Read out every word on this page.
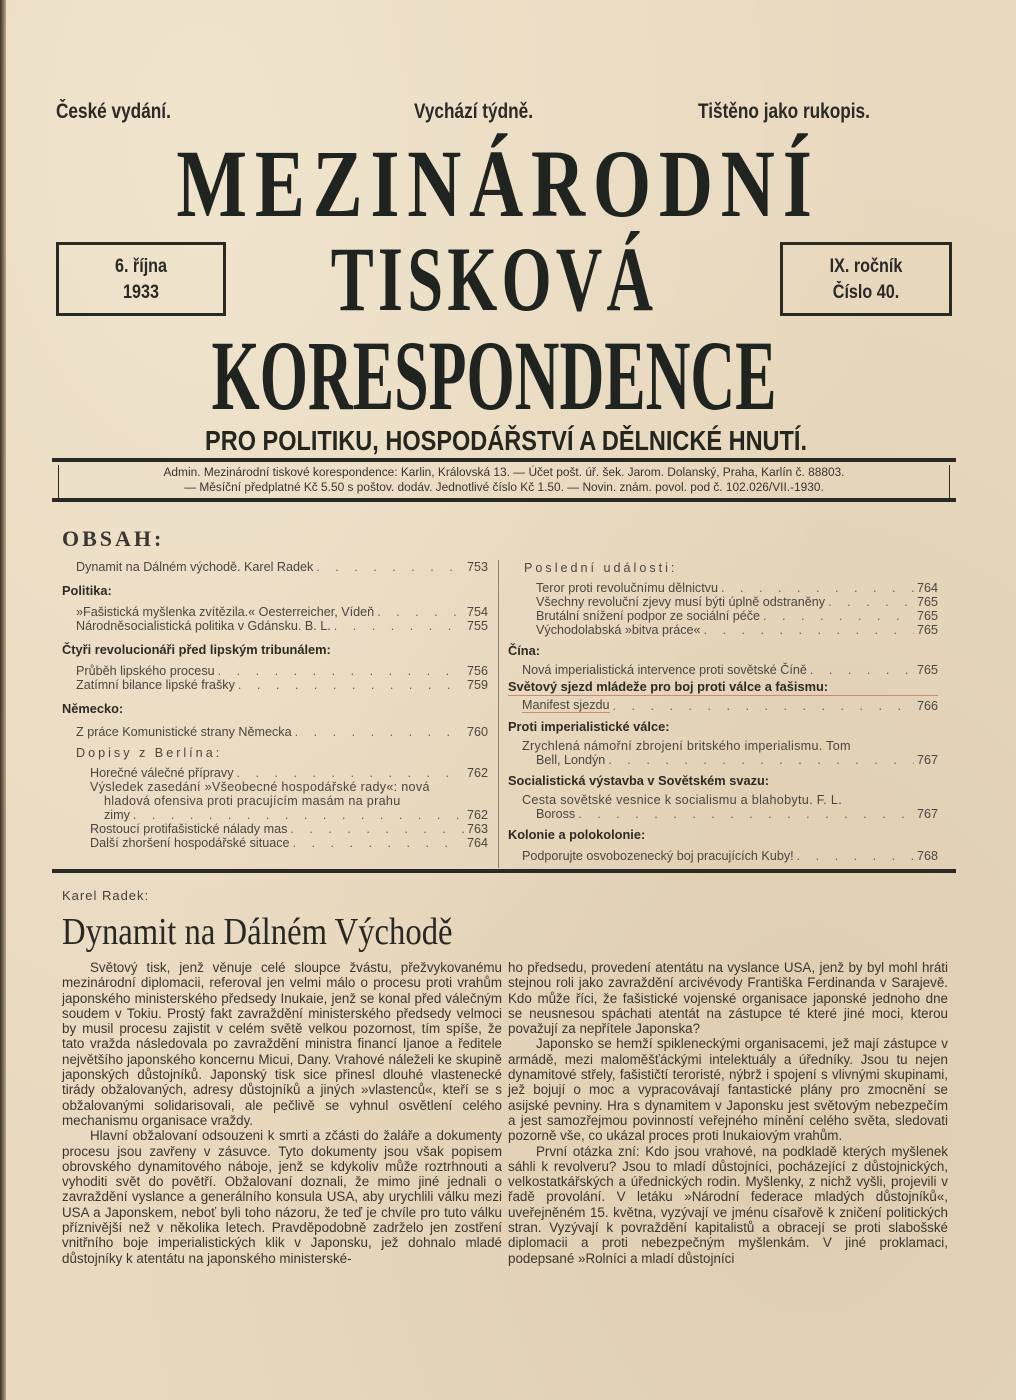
České vydání.	Vychází týdně.	Tištěno jako rukopis.
MEZINÁRODNÍ
TISKOVÁ
KORESPONDENCE
6. října
1933
IX. ročník
Číslo 40.
PRO POLITIKU, HOSPODÁŘSTVÍ A DĚLNICKÉ HNUTÍ.

Admin. Mezinárodní tiskové korespondence: Karlin, Královská 13. — Účet pošt. úř. šek. Jarom. Dolanský, Praha, Karlín č. 88803.

— Měsíční předplatné Kč 5.50 s poštov. dodáv. Jednotlivé číslo Kč 1.50. — Novin. znám. povol. pod č. 102.026/VII.-1930.

OBSAH:
Dynamit na Dálném východě. Karel Radek . . .	753
Politika:
»Fašistická myšlenka zvítězila.« Oesterreicher, Vídeň . . .	754
Národněsocialistická politika v Gdánsku. B. L. . . .	755
Čtyři revolucionáři před lipským tribunálem:
Průběh lipského procesu . . .	756
Zatímní bilance lipské frašky . . .	759
Německo:
Z práce Komunistické strany Německa . . .	760
Dopisy z Berlína:
Horečné válečné přípravy . . .	762
Výsledek zasedání »Všeobecné hospodářské rady«: nová
hladová ofensiva proti pracujícím masám na prahu
zimy . . .	762
Rostoucí protifašistické nálady mas . . .	763
Další zhoršení hospodářské situace . . .	764
Poslední události:
Teror proti revolučnímu dělnictvu . . .	764
Všechny revoluční zjevy musí býti úplně odstraněny . . .	765
Brutální snížení podpor ze sociální péče . . .	765
Východolabská »bitva práce« . . .	765
Čína:
Nová imperialistická intervence proti sovětské Číně . . .	765
Světový sjezd mládeže pro boj proti válce a fašismu:
Manifest sjezdu . . .	766
Proti imperialistické válce:
Zrychlená námořní zbrojení britského imperialismu. Tom
Bell, Londýn . . .	767
Socialistická výstavba v Sovětském svazu:
Cesta sovětské vesnice k socialismu a blahobytu. F. L.
Boross . . .	767
Kolonie a polokolonie:
Podporujte osvobozenecký boj pracujících Kuby! . . .	768
Karel Radek:
Dynamit na Dálném Východě

Světový tisk, jenž věnuje celé sloupce žvástu, přežvykovanému mezinárodní diplomacii, referoval jen velmi málo o procesu proti vrahům japonského ministerského předsedy Inukaie, jenž se konal před válečným soudem v Tokiu. Prostý fakt zavraždění ministerského předsedy velmoci by musil procesu zajistit v celém světě velkou pozornost, tím spíše, že tato vražda následovala po zavraždění ministra financí Ijanoe a ředitele největšího japonského koncernu Micui, Dany. Vrahové náleželi ke skupině japonských důstojníků. Japonský tisk sice přinesl dlouhé vlastenecké tirády obžalovaných, adresy důstojníků a jiných »vlastenců«, kteří se s obžalovanými solidarisovali, ale pečlivě se vyhnul osvětlení celého mechanismu organisace vraždy.

Hlavní obžalovaní odsouzeni k smrti a zčásti do žaláře a dokumenty procesu jsou zavřeny v zásuvce. Tyto dokumenty jsou však popisem obrovského dynamitového náboje, jenž se kdykoliv může roztrhnouti a vyhoditi svět do povětří. Obžalovaní doznali, že mimo jiné jednali o zavraždění vyslance a generálního konsula USA, aby urychlili válku mezi USA a Japonskem, neboť byli toho názoru, že teď je chvíle pro tuto válku příznivější než v několika letech. Pravděpodobně zadrželo jen zostření vnitřního boje imperialistických klik v Japonsku, jež dohnalo mladé důstojníky k atentátu na japonského ministerské-

ho předsedu, provedení atentátu na vyslance USA, jenž by byl mohl hráti stejnou roli jako zavraždění arcivévody Františka Ferdinanda v Sarajevě. Kdo může říci, že fašistické vojenské organisace japonské jednoho dne se neusnesou spáchati atentát na zástupce té které jiné moci, kterou považují za nepřítele Japonska?

Japonsko se hemží spikleneckými organisacemi, jež mají zástupce v armádě, mezi maloměšťáckými intelektuály a úředníky. Jsou tu nejen dynamitové střely, fašističtí teroristé, nýbrž i spojení s vlivnými skupinami, jež bojují o moc a vypracovávají fantastické plány pro zmocnění se asijské pevniny. Hra s dynamitem v Japonsku jest světovým nebezpečím a jest samozřejmou povinností veřejného mínění celého světa, sledovati pozorně vše, co ukázal proces proti Inukaiovým vrahům.

První otázka zní: Kdo jsou vrahové, na podkladě kterých myšlenek sáhli k revolveru? Jsou to mladí důstojníci, pocházející z důstojnických, velkostatkářských a úřednických rodin. Myšlenky, z nichž vyšli, projevili v řadě provolání. V letáku »Národní federace mladých důstojníků«, uveřejněném 15. května, vyzývají ve jménu císařově k zničení politických stran. Vyzývají k povraždění kapitalistů a obracejí se proti slabošské diplomacii a proti nebezpečným myšlenkám. V jiné proklamaci, podepsané »Rolníci a mladí důstojníci
